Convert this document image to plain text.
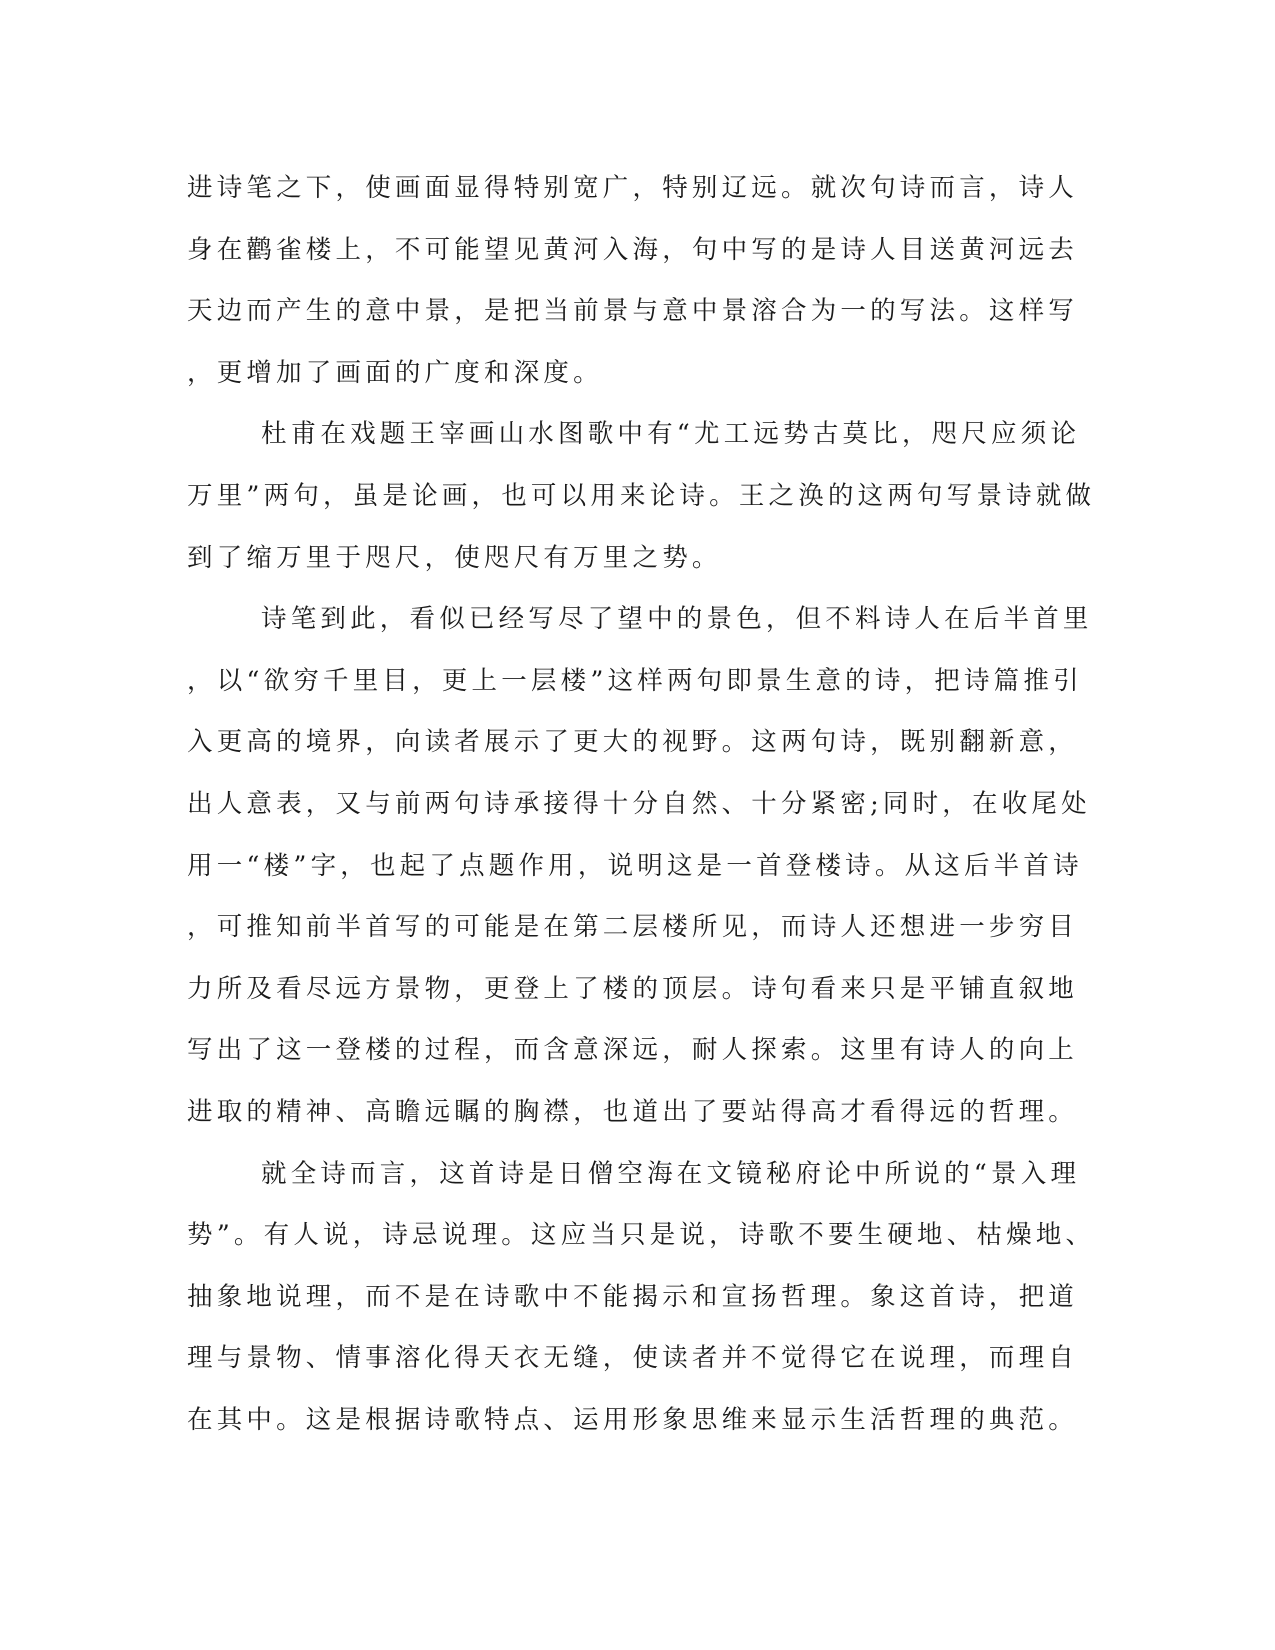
进诗笔之下，使画面显得特别宽广，特别辽远。就次句诗而言，诗人
身在鹳雀楼上，不可能望见黄河入海，句中写的是诗人目送黄河远去
天边而产生的意中景，是把当前景与意中景溶合为一的写法。这样写
，更增加了画面的广度和深度。
杜甫在戏题王宰画山水图歌中有“尤工远势古莫比，咫尺应须论
万里”两句，虽是论画，也可以用来论诗。王之涣的这两句写景诗就做
到了缩万里于咫尺，使咫尺有万里之势。
诗笔到此，看似已经写尽了望中的景色，但不料诗人在后半首里
，以“欲穷千里目，更上一层楼”这样两句即景生意的诗，把诗篇推引
入更高的境界，向读者展示了更大的视野。这两句诗，既别翻新意，
出人意表，又与前两句诗承接得十分自然、十分紧密;同时，在收尾处
用一“楼”字，也起了点题作用，说明这是一首登楼诗。从这后半首诗
，可推知前半首写的可能是在第二层楼所见，而诗人还想进一步穷目
力所及看尽远方景物，更登上了楼的顶层。诗句看来只是平铺直叙地
写出了这一登楼的过程，而含意深远，耐人探索。这里有诗人的向上
进取的精神、高瞻远瞩的胸襟，也道出了要站得高才看得远的哲理。
就全诗而言，这首诗是日僧空海在文镜秘府论中所说的“景入理
势”。有人说，诗忌说理。这应当只是说，诗歌不要生硬地、枯燥地、
抽象地说理，而不是在诗歌中不能揭示和宣扬哲理。象这首诗，把道
理与景物、情事溶化得天衣无缝，使读者并不觉得它在说理，而理自
在其中。这是根据诗歌特点、运用形象思维来显示生活哲理的典范。
